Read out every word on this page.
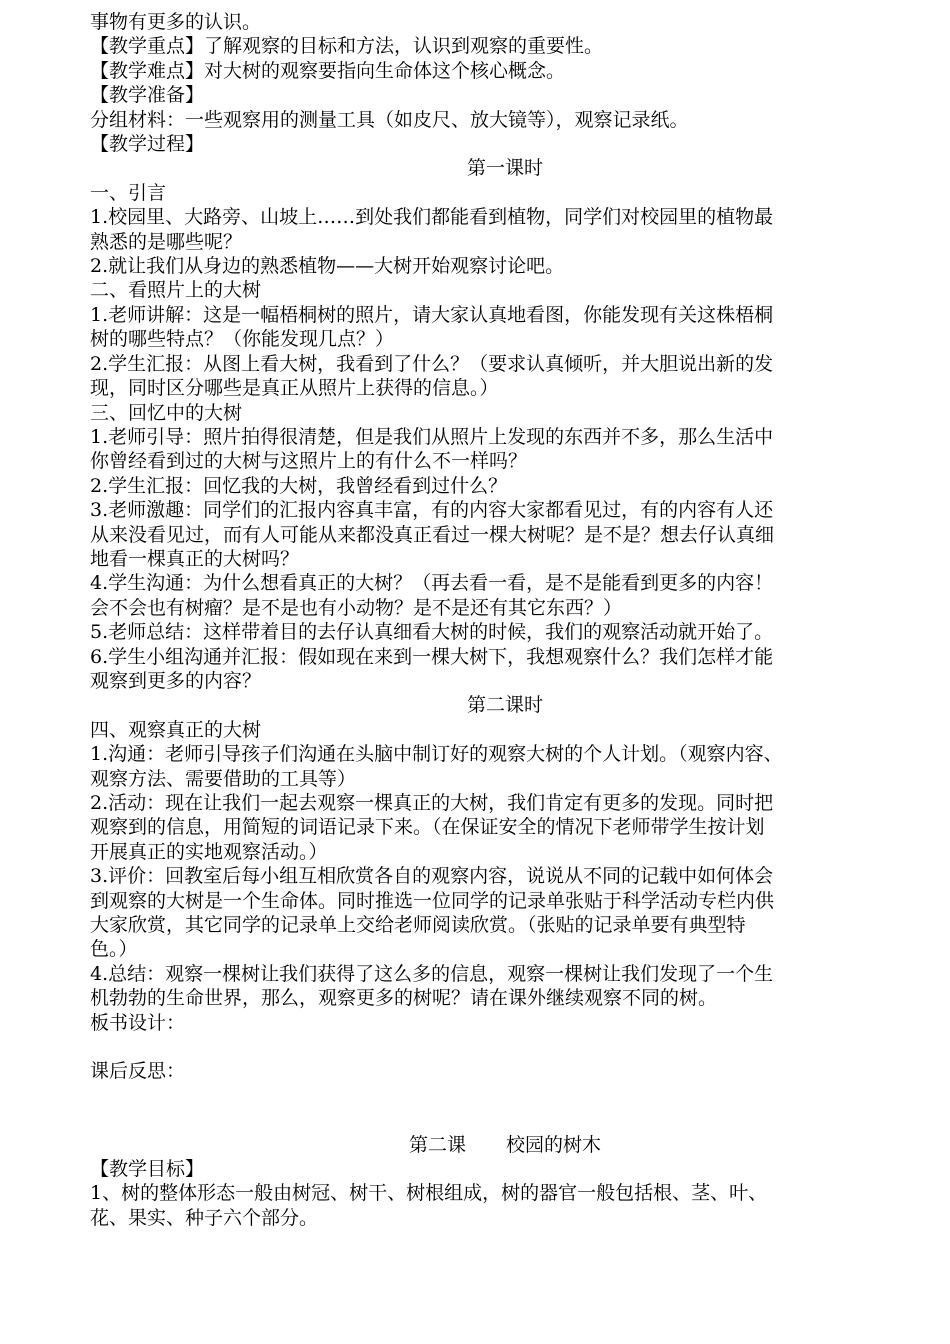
事物有更多的认识。

【教学重点】了解观察的目标和方法，认识到观察的重要性。

【教学难点】对大树的观察要指向生命体这个核心概念。

【教学准备】

分组材料：一些观察用的测量工具（如皮尺、放大镜等），观察记录纸。

【教学过程】

第一课时

一、引言

1.校园里、大路旁、山坡上……到处我们都能看到植物，同学们对校园里的植物最

熟悉的是哪些呢？

2.就让我们从身边的熟悉植物——大树开始观察讨论吧。

二、看照片上的大树

1.老师讲解：这是一幅梧桐树的照片，请大家认真地看图，你能发现有关这株梧桐

树的哪些特点？（你能发现几点？）

2.学生汇报：从图上看大树，我看到了什么？（要求认真倾听，并大胆说出新的发

现，同时区分哪些是真正从照片上获得的信息。）

三、回忆中的大树

1.老师引导：照片拍得很清楚，但是我们从照片上发现的东西并不多，那么生活中

你曾经看到过的大树与这照片上的有什么不一样吗？

2.学生汇报：回忆我的大树，我曾经看到过什么？

3.老师激趣：同学们的汇报内容真丰富，有的内容大家都看见过，有的内容有人还

从来没看见过，而有人可能从来都没真正看过一棵大树呢？是不是？想去仔认真细

地看一棵真正的大树吗？

4.学生沟通：为什么想看真正的大树？（再去看一看，是不是能看到更多的内容！

会不会也有树瘤？是不是也有小动物？是不是还有其它东西？）

5.老师总结：这样带着目的去仔认真细看大树的时候，我们的观察活动就开始了。

6.学生小组沟通并汇报：假如现在来到一棵大树下，我想观察什么？我们怎样才能

观察到更多的内容？

第二课时

四、观察真正的大树

1.沟通：老师引导孩子们沟通在头脑中制订好的观察大树的个人计划。（观察内容、

观察方法、需要借助的工具等）

2.活动：现在让我们一起去观察一棵真正的大树，我们肯定有更多的发现。同时把

观察到的信息，用简短的词语记录下来。（在保证安全的情况下老师带学生按计划

开展真正的实地观察活动。）

3.评价：回教室后每小组互相欣赏各自的观察内容，说说从不同的记载中如何体会

到观察的大树是一个生命体。同时推选一位同学的记录单张贴于科学活动专栏内供

大家欣赏，其它同学的记录单上交给老师阅读欣赏。（张贴的记录单要有典型特

色。）

4.总结：观察一棵树让我们获得了这么多的信息，观察一棵树让我们发现了一个生

机勃勃的生命世界，那么，观察更多的树呢？请在课外继续观察不同的树。

板书设计：

课后反思：

第二课 校园的树木

【教学目标】

1、树的整体形态一般由树冠、树干、树根组成，树的器官一般包括根、茎、叶、

花、果实、种子六个部分。
